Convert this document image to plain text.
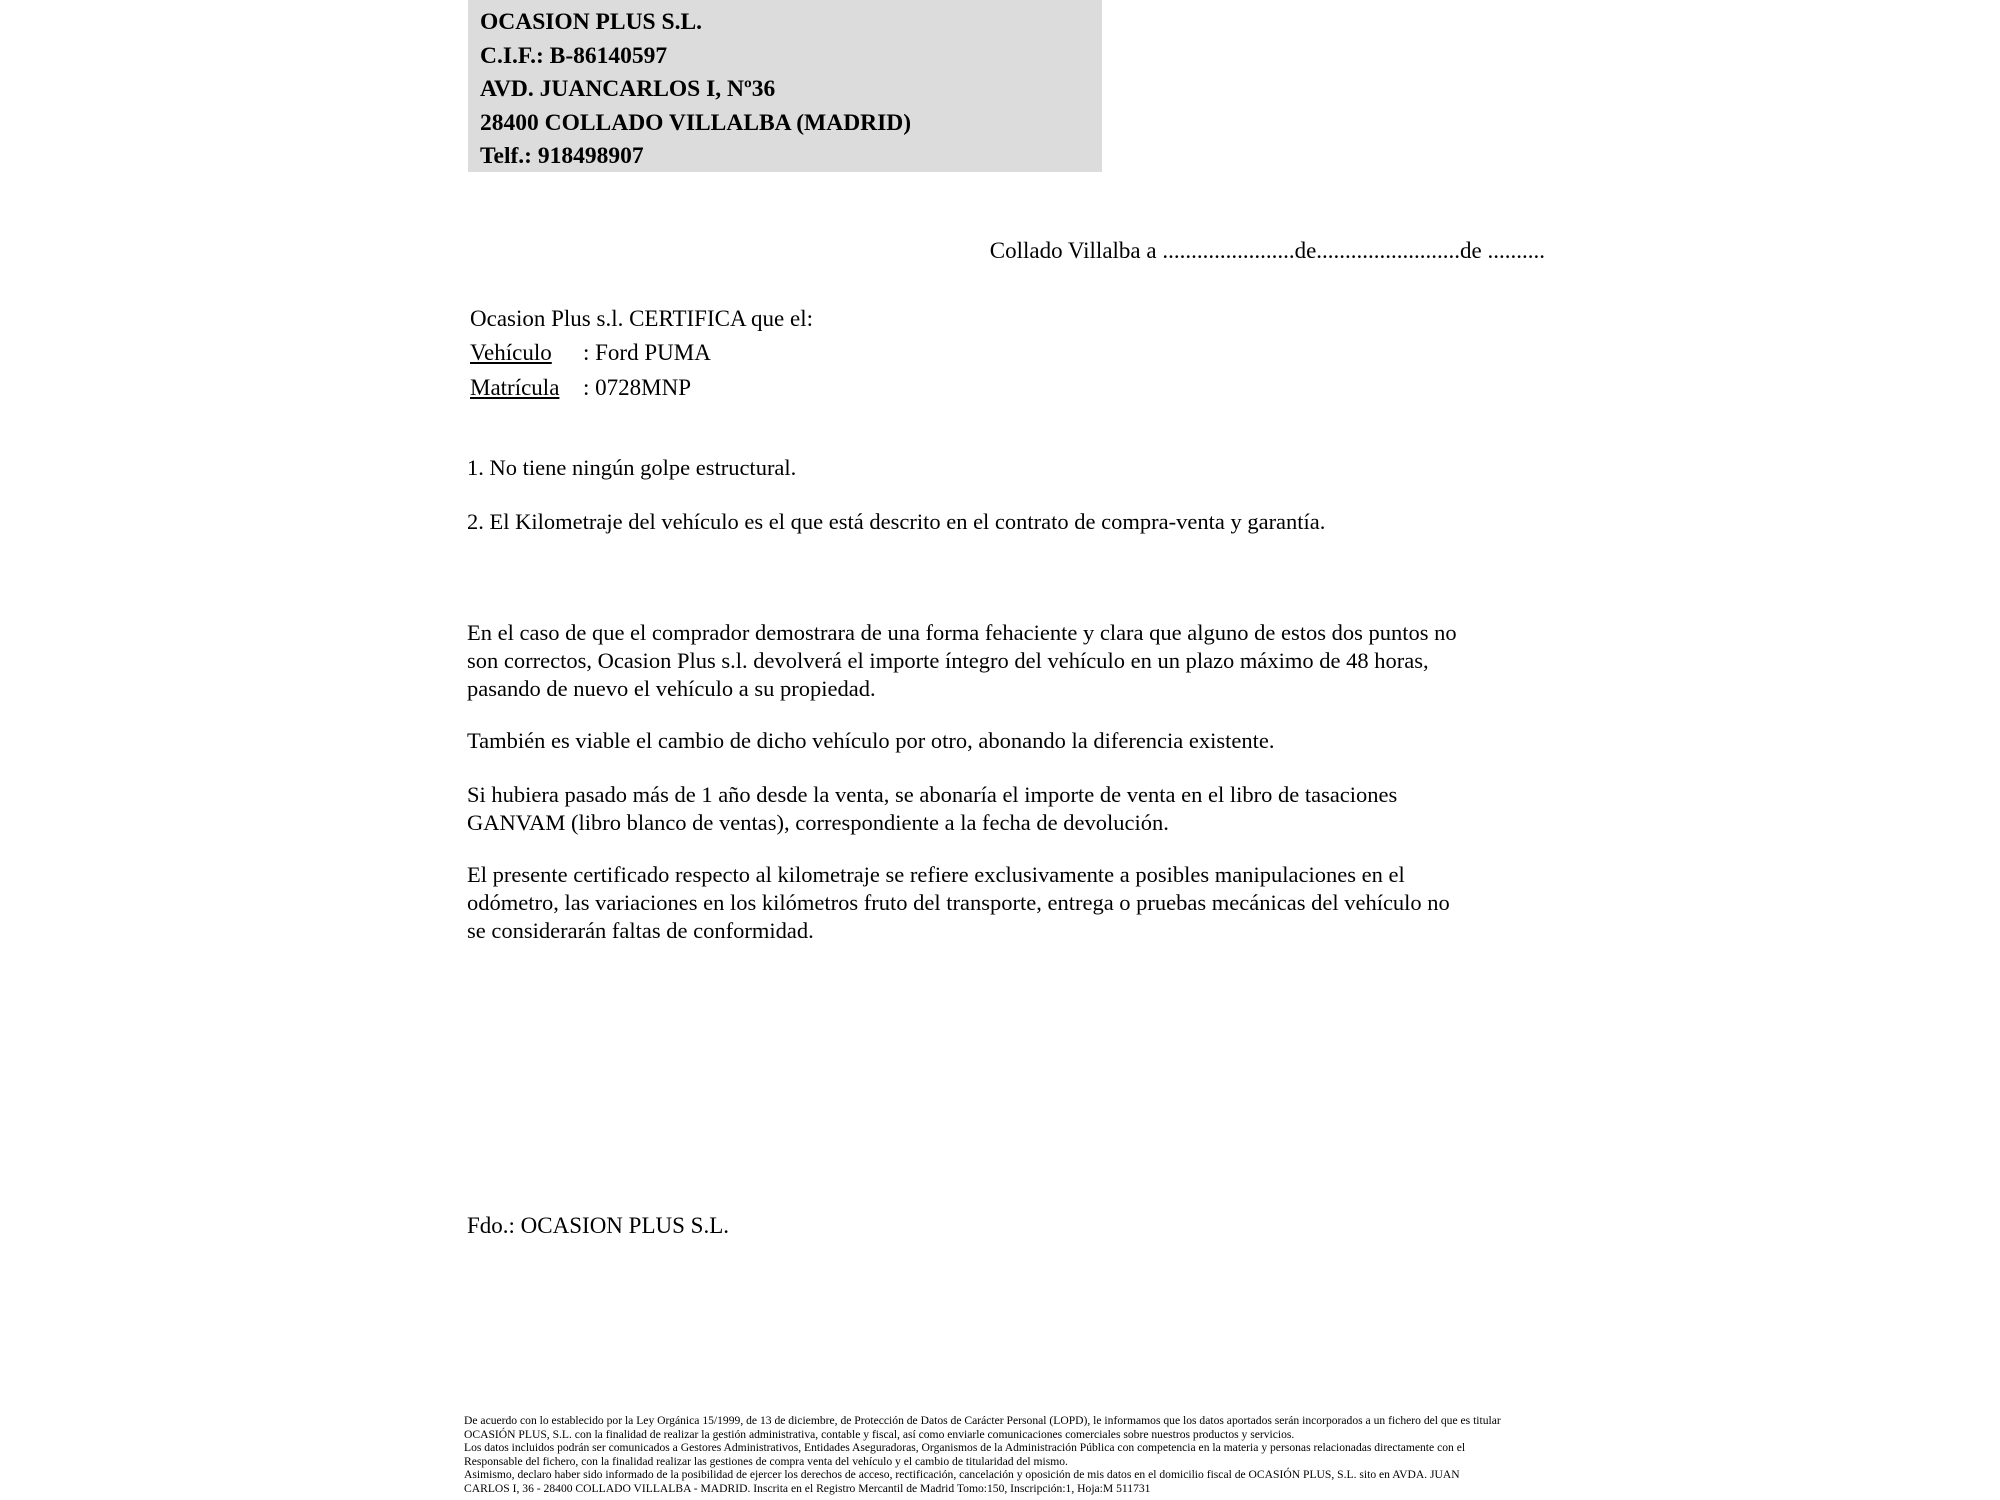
OCASION PLUS S.L.
C.I.F.: B-86140597
AVD. JUANCARLOS I, Nº36
28400 COLLADO VILLALBA (MADRID)
Telf.: 918498907
Collado Villalba a .......................de.........................de ..........
Ocasion Plus s.l. CERTIFICA que el:
Vehículo : Ford PUMA
Matrícula : 0728MNP
1. No tiene ningún golpe estructural.
2. El Kilometraje del vehículo es el que está descrito en el contrato de compra-venta y garantía.
En el caso de que el comprador demostrara de una forma fehaciente y clara que alguno de estos dos puntos no
son correctos, Ocasion Plus s.l. devolverá el importe íntegro del vehículo en un plazo máximo de 48 horas,
pasando de nuevo el vehículo a su propiedad.
También es viable el cambio de dicho vehículo por otro, abonando la diferencia existente.
Si hubiera pasado más de 1 año desde la venta, se abonaría el importe de venta en el libro de tasaciones
GANVAM (libro blanco de ventas), correspondiente a la fecha de devolución.
El presente certificado respecto al kilometraje se refiere exclusivamente a posibles manipulaciones en el
odómetro, las variaciones en los kilómetros fruto del transporte, entrega o pruebas mecánicas del vehículo no
se considerarán faltas de conformidad.
Fdo.: OCASION PLUS S.L.
De acuerdo con lo establecido por la Ley Orgánica 15/1999, de 13 de diciembre, de Protección de Datos de Carácter Personal (LOPD), le informamos que los datos aportados serán incorporados a un fichero del que es titular
OCASIÓN PLUS, S.L. con la finalidad de realizar la gestión administrativa, contable y fiscal, así como enviarle comunicaciones comerciales sobre nuestros productos y servicios.
Los datos incluidos podrán ser comunicados a Gestores Administrativos, Entidades Aseguradoras, Organismos de la Administración Pública con competencia en la materia y personas relacionadas directamente con el
Responsable del fichero, con la finalidad realizar las gestiones de compra venta del vehículo y el cambio de titularidad del mismo.
Asimismo, declaro haber sido informado de la posibilidad de ejercer los derechos de acceso, rectificación, cancelación y oposición de mis datos en el domicilio fiscal de OCASIÓN PLUS, S.L. sito en AVDA. JUAN
CARLOS I, 36 - 28400 COLLADO VILLALBA - MADRID. Inscrita en el Registro Mercantil de Madrid Tomo:150, Inscripción:1, Hoja:M 511731
